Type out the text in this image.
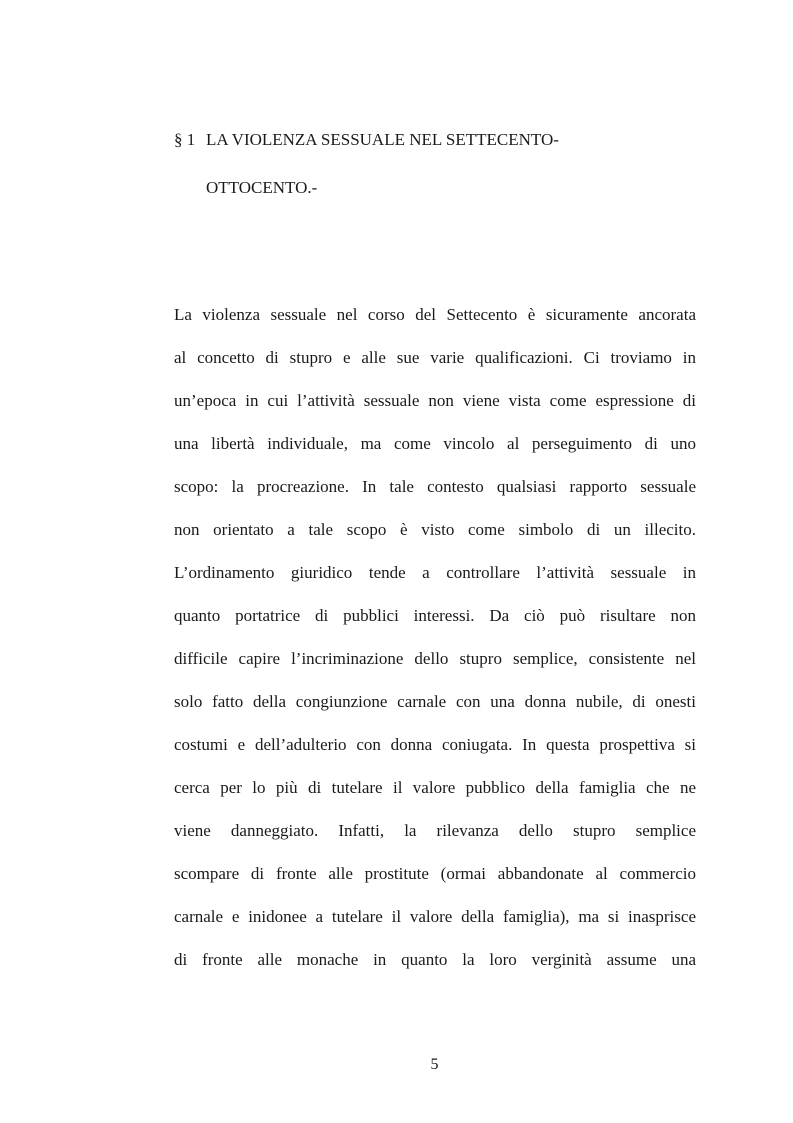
§ 1 LA VIOLENZA SESSUALE NEL SETTECENTO-
OTTOCENTO.-
La violenza sessuale nel corso del Settecento è sicuramente ancorata
al concetto di stupro e alle sue varie qualificazioni. Ci troviamo in
un’epoca in cui l’attività sessuale non viene vista come espressione di
una libertà individuale, ma come vincolo al perseguimento di uno
scopo: la procreazione. In tale contesto qualsiasi rapporto sessuale
non orientato a tale scopo è visto come simbolo di un illecito.
L’ordinamento giuridico tende a controllare l’attività sessuale in
quanto portatrice di pubblici interessi. Da ciò può risultare non
difficile capire l’incriminazione dello stupro semplice, consistente nel
solo fatto della congiunzione carnale con una donna nubile, di onesti
costumi e dell’adulterio con donna coniugata. In questa prospettiva si
cerca per lo più di tutelare il valore pubblico della famiglia che ne
viene danneggiato. Infatti, la rilevanza dello stupro semplice
scompare di fronte alle prostitute (ormai abbandonate al commercio
carnale e inidonee a tutelare il valore della famiglia), ma si inasprisce
di fronte alle monache in quanto la loro verginità assume una
5
